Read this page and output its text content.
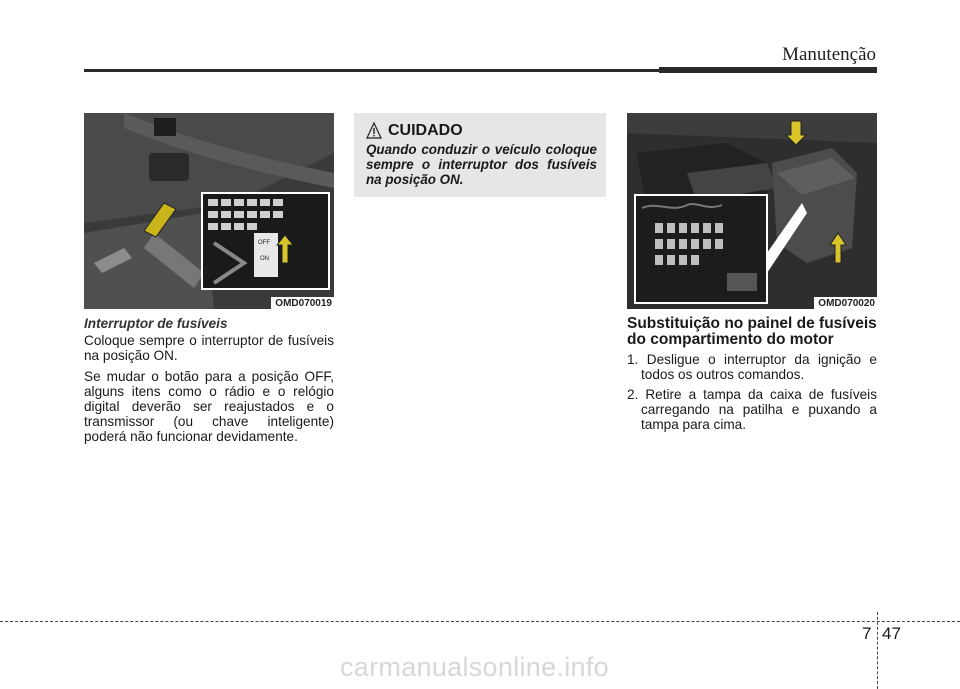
Manutenção
OFF
ON
OMD070019
Interruptor de fusíveis

Coloque sempre o interruptor de fusíveis na posição ON.

Se mudar o botão para a posição OFF, alguns itens como o rádio e o relógio digital deverão ser reajustados e o transmissor (ou chave inteligente) poderá não funcionar devidamente.

CUIDADO
Quando conduzir o veículo coloque sempre o interruptor dos fusíveis na posição ON.
OMD070020
Substituição no painel de fusíveis
do compartimento do motor
1. Desligue o interruptor da ignição e todos os outros comandos.
2. Retire a tampa da caixa de fusíveis carregando na patilha e puxando a tampa para cima.
7 47
carmanualsonline.info
